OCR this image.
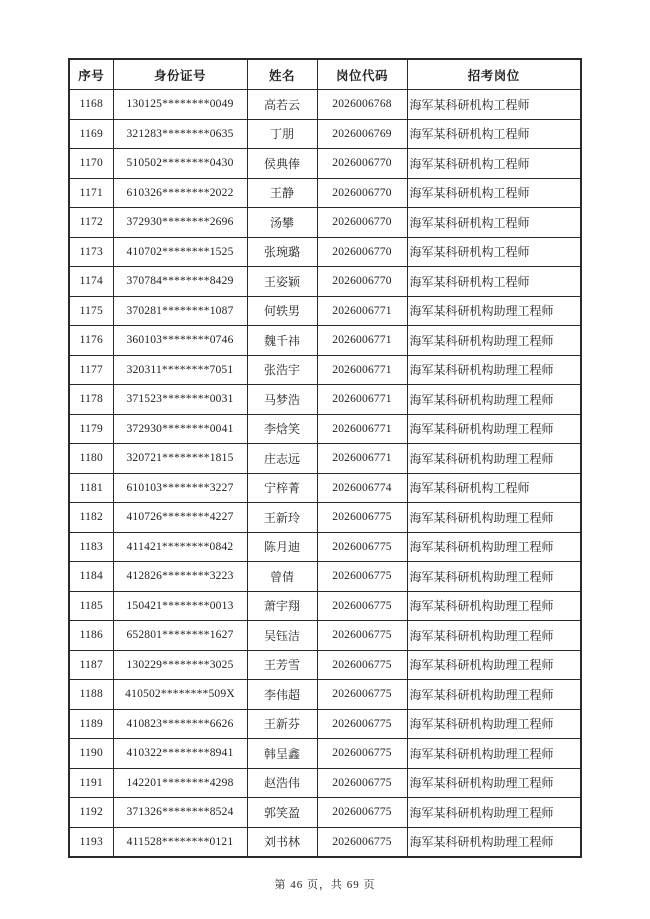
序号	身份证号	姓名	岗位代码	招考岗位
1168	130125********0049	高若云	2026006768	海军某科研机构工程师
1169	321283********0635	丁朋	2026006769	海军某科研机构工程师
1170	510502********0430	侯典俸	2026006770	海军某科研机构工程师
1171	610326********2022	王静	2026006770	海军某科研机构工程师
1172	372930********2696	汤攀	2026006770	海军某科研机构工程师
1173	410702********1525	张琬璐	2026006770	海军某科研机构工程师
1174	370784********8429	王姿颖	2026006770	海军某科研机构工程师
1175	370281********1087	何轶男	2026006771	海军某科研机构助理工程师
1176	360103********0746	魏千祎	2026006771	海军某科研机构助理工程师
1177	320311********7051	张浩宇	2026006771	海军某科研机构助理工程师
1178	371523********0031	马梦浩	2026006771	海军某科研机构助理工程师
1179	372930********0041	李焓笑	2026006771	海军某科研机构助理工程师
1180	320721********1815	庄志远	2026006771	海军某科研机构助理工程师
1181	610103********3227	宁梓菁	2026006774	海军某科研机构工程师
1182	410726********4227	王新玲	2026006775	海军某科研机构助理工程师
1183	411421********0842	陈月迪	2026006775	海军某科研机构助理工程师
1184	412826********3223	曾倩	2026006775	海军某科研机构助理工程师
1185	150421********0013	萧宇翔	2026006775	海军某科研机构助理工程师
1186	652801********1627	吴钰洁	2026006775	海军某科研机构助理工程师
1187	130229********3025	王芳雪	2026006775	海军某科研机构助理工程师
1188	410502********509X	李伟超	2026006775	海军某科研机构助理工程师
1189	410823********6626	王新芬	2026006775	海军某科研机构助理工程师
1190	410322********8941	韩呈鑫	2026006775	海军某科研机构助理工程师
1191	142201********4298	赵浩伟	2026006775	海军某科研机构助理工程师
1192	371326********8524	郭笑盈	2026006775	海军某科研机构助理工程师
1193	411528********0121	刘书林	2026006775	海军某科研机构助理工程师
第 46 页，共 69 页
